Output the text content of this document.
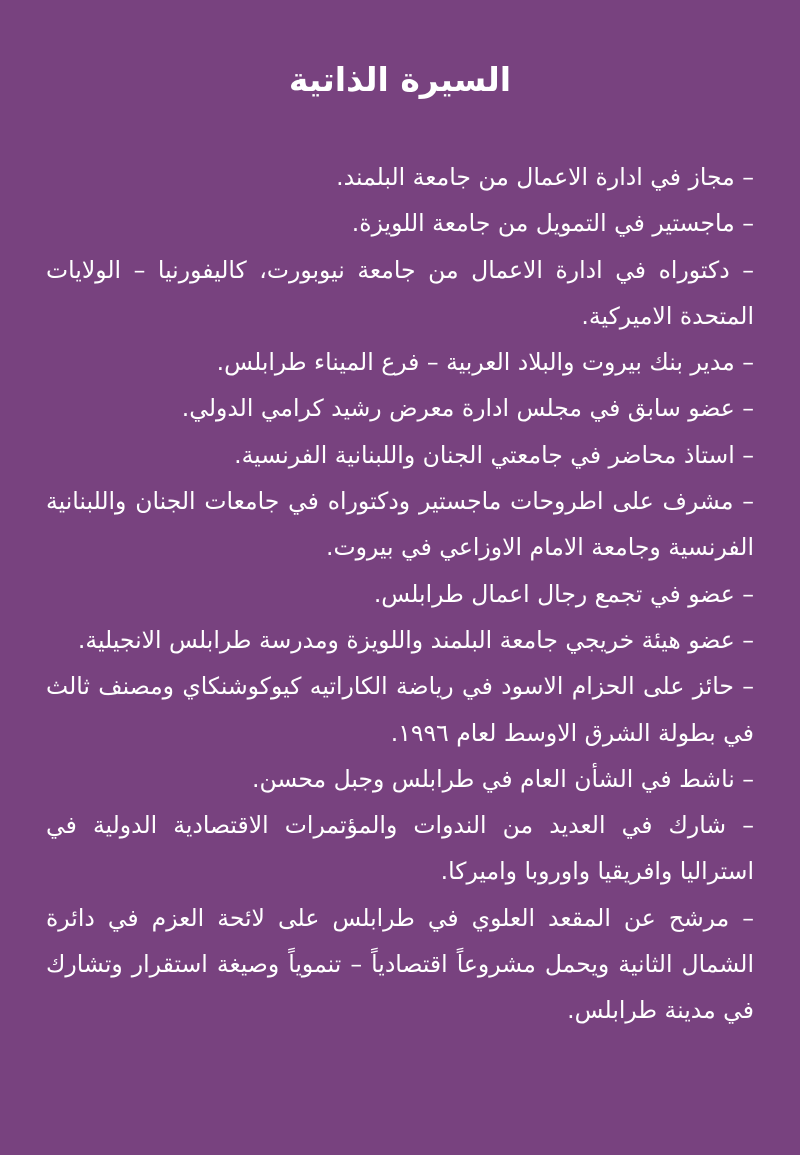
السيرة الذاتية
– مجاز في ادارة الاعمال من جامعة البلمند.
– ماجستير في التمويل من جامعة اللويزة.
– دكتوراه في ادارة الاعمال من جامعة نيوبورت، كاليفورنيا – الولايات المتحدة الاميركية.
– مدير بنك بيروت والبلاد العربية – فرع الميناء طرابلس.
– عضو سابق في مجلس ادارة معرض رشيد كرامي الدولي.
– استاذ محاضر في جامعتي الجنان واللبنانية الفرنسية.
– مشرف على اطروحات ماجستير ودكتوراه في جامعات الجنان واللبنانية الفرنسية وجامعة الامام الاوزاعي في بيروت.
– عضو في تجمع رجال اعمال طرابلس.
– عضو هيئة خريجي جامعة البلمند واللويزة ومدرسة طرابلس الانجيلية.
– حائز على الحزام الاسود في رياضة الكاراتيه كيوكوشنكاي ومصنف ثالث في بطولة الشرق الاوسط لعام ١٩٩٦.
– ناشط في الشأن العام في طرابلس وجبل محسن.
– شارك في العديد من الندوات والمؤتمرات الاقتصادية الدولية في استراليا وافريقيا واوروبا واميركا.
– مرشح عن المقعد العلوي في طرابلس على لائحة العزم في دائرة الشمال الثانية ويحمل مشروعاً اقتصادياً – تنموياً وصيغة استقرار وتشارك في مدينة طرابلس.
